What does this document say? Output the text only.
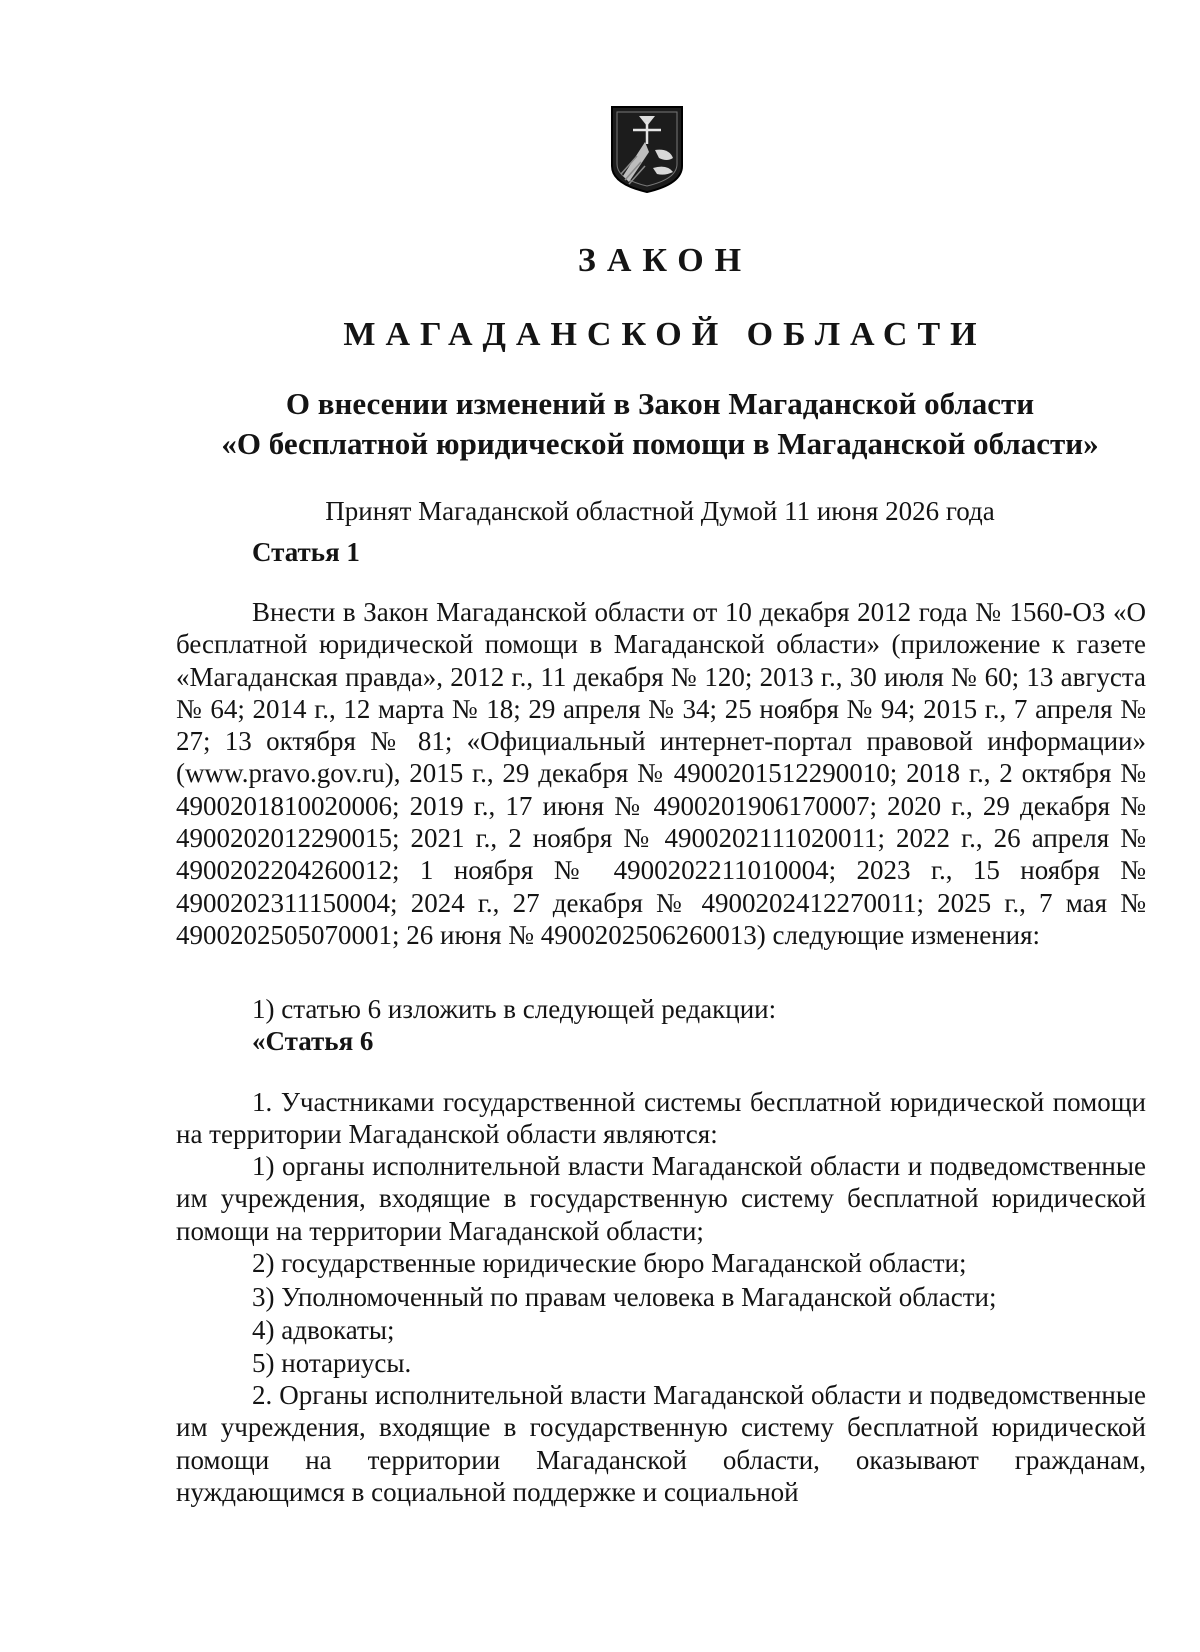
ЗАКОН
МАГАДАНСКОЙ ОБЛАСТИ
О внесении изменений в Закон Магаданской области
«О бесплатной юридической помощи в Магаданской области»
Принят Магаданской областной Думой 11 июня 2026 года
Статья 1
Внести в Закон Магаданской области от 10 декабря 2012 года № 1560-ОЗ «О бесплатной юридической помощи в Магаданской области» (приложение к газете «Магаданская правда», 2012 г., 11 декабря № 120; 2013 г., 30 июля № 60; 13 августа № 64; 2014 г., 12 марта № 18; 29 апреля № 34; 25 ноября № 94; 2015 г., 7 апреля № 27; 13 октября № 81; «Официальный интернет-портал правовой информации» (www.pravo.gov.ru), 2015 г., 29 декабря № 4900201512290010; 2018 г., 2 октября № 4900201810020006; 2019 г., 17 июня № 4900201906170007; 2020 г., 29 декабря № 4900202012290015; 2021 г., 2 ноября № 4900202111020011; 2022 г., 26 апреля № 4900202204260012; 1 ноября № 4900202211010004; 2023 г., 15 ноября № 4900202311150004; 2024 г., 27 декабря № 4900202412270011; 2025 г., 7 мая № 4900202505070001; 26 июня № 4900202506260013) следующие изменения:
1) статью 6 изложить в следующей редакции:
«Статья 6
1. Участниками государственной системы бесплатной юридической помощи на территории Магаданской области являются:
1) органы исполнительной власти Магаданской области и подведомственные им учреждения, входящие в государственную систему бесплатной юридической помощи на территории Магаданской области;
2) государственные юридические бюро Магаданской области;
3) Уполномоченный по правам человека в Магаданской области;
4) адвокаты;
5) нотариусы.
2. Органы исполнительной власти Магаданской области и подведомственные им учреждения, входящие в государственную систему бесплатной юридической помощи на территории Магаданской области, оказывают гражданам, нуждающимся в социальной поддержке и социальной
